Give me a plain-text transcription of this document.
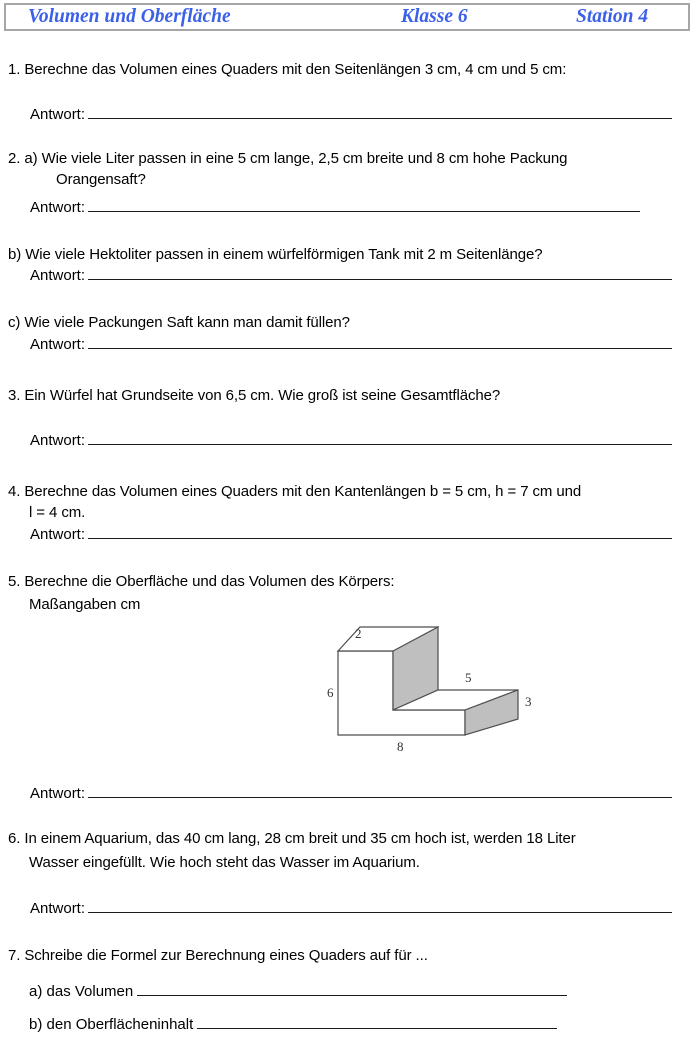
Volumen und Oberfläche	Klasse 6	Station 4
1. Berechne das Volumen eines Quaders mit den Seitenlängen 3 cm, 4 cm und 5 cm:
Antwort:
2. a) Wie viele Liter passen in eine 5 cm lange, 2,5 cm breite und 8 cm hohe Packung
Orangensaft?
Antwort:
b) Wie viele Hektoliter passen in einem würfelförmigen Tank mit 2 m Seitenlänge?
Antwort:
c) Wie viele Packungen Saft kann man damit füllen?
Antwort:
3. Ein Würfel hat Grundseite von 6,5 cm. Wie groß ist seine Gesamtfläche?
Antwort:
4. Berechne das Volumen eines Quaders mit den Kantenlängen b = 5 cm, h = 7 cm und
l = 4 cm.
Antwort:
5. Berechne die Oberfläche und das Volumen des Körpers:
Maßangaben cm
2
6
5
3
8
Antwort:
6. In einem Aquarium, das 40 cm lang, 28 cm breit und 35 cm hoch ist, werden 18 Liter
Wasser eingefüllt. Wie hoch steht das Wasser im Aquarium.
Antwort:
7. Schreibe die Formel zur Berechnung eines Quaders auf für ...
a) das Volumen
b) den Oberflächeninhalt
